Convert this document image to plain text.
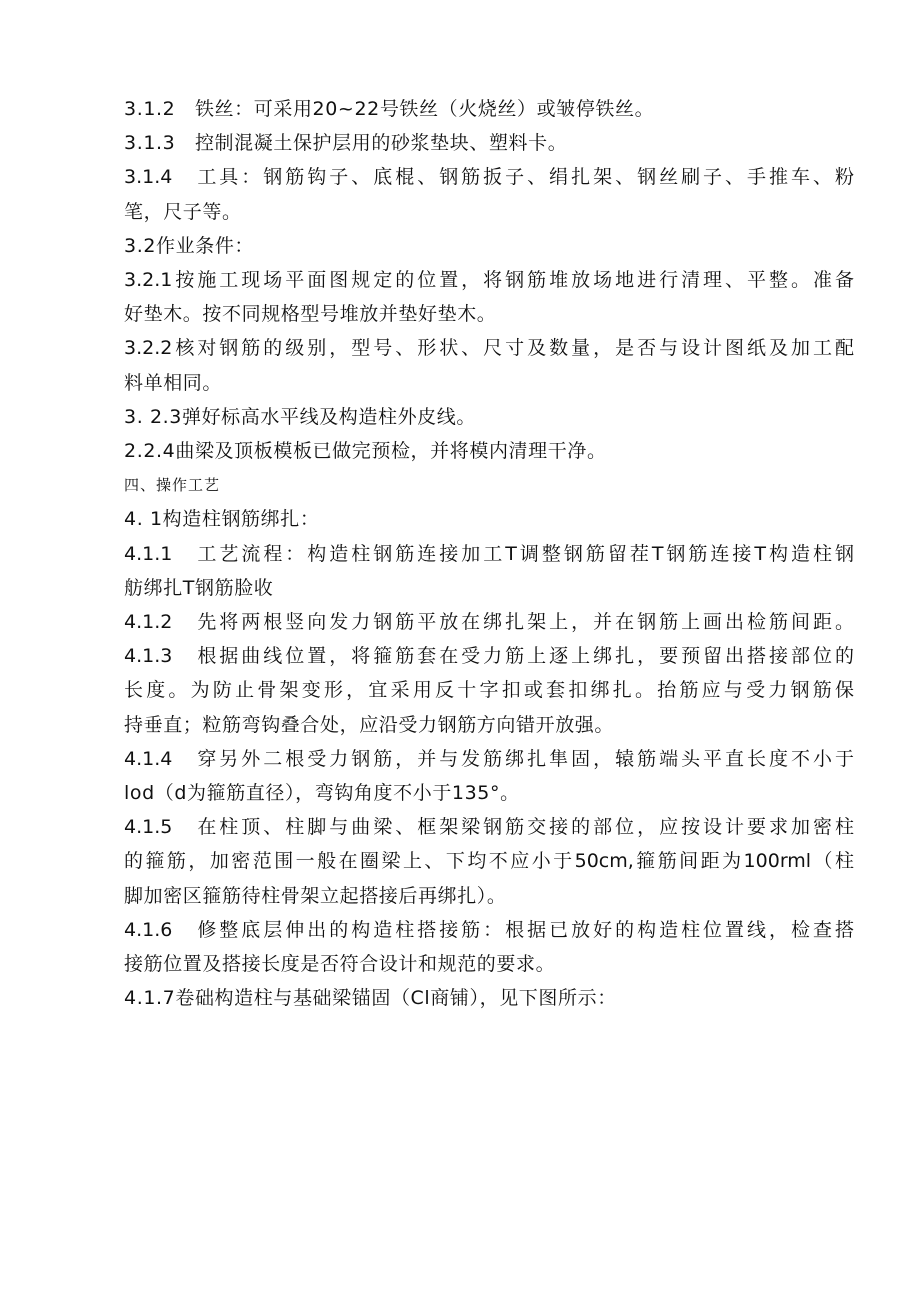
3.1.2　铁丝：可采用20~22号铁丝（火烧丝）或皱停铁丝。
3.1.3　控制混凝土保护层用的砂浆垫块、塑料卡。
3.1.4　工具：钢筋钩子、底棍、钢筋扳子、绢扎架、钢丝刷子、手推车、粉
笔，尺子等。
3.2作业条件：
3.2.1按施工现场平面图规定的位置，将钢筋堆放场地进行清理、平整。准备
好垫木。按不同规格型号堆放并垫好垫木。
3.2.2核对钢筋的级别，型号、形状、尺寸及数量，是否与设计图纸及加工配
料单相同。
3. 2.3弹好标高水平线及构造柱外皮线。
2.2.4曲梁及顶板模板已做完预检，并将模内清理干净。
四、操作工艺
4. 1构造柱钢筋绑扎：
4.1.1　工艺流程：构造柱钢筋连接加工T调整钢筋留茬T钢筋连接T构造柱钢
舫绑扎T钢筋脸收
4.1.2　先将两根竖向发力钢筋平放在绑扎架上，并在钢筋上画出检筋间距。
4.1.3　根据曲线位置，将箍筋套在受力筋上逐上绑扎，要预留出搭接部位的
长度。为防止骨架变形，宜采用反十字扣或套扣绑扎。抬筋应与受力钢筋保
持垂直；粒筋弯钩叠合处，应沿受力钢筋方向错开放强。
4.1.4　穿另外二根受力钢筋，并与发筋绑扎隼固，辕筋端头平直长度不小于
lod（d为箍筋直径），弯钩角度不小于135°。
4.1.5　在柱顶、柱脚与曲梁、框架梁钢筋交接的部位，应按设计要求加密柱
的箍筋，加密范围一般在圈梁上、下均不应小于50cm,箍筋间距为100rml（柱
脚加密区箍筋待柱骨架立起搭接后再绑扎）。
4.1.6　修整底层伸出的构造柱搭接筋：根据已放好的构造柱位置线，检查搭
接筋位置及搭接长度是否符合设计和规范的要求。
4.1.7卷础构造柱与基础梁锚固（Cl商铺），见下图所示：
